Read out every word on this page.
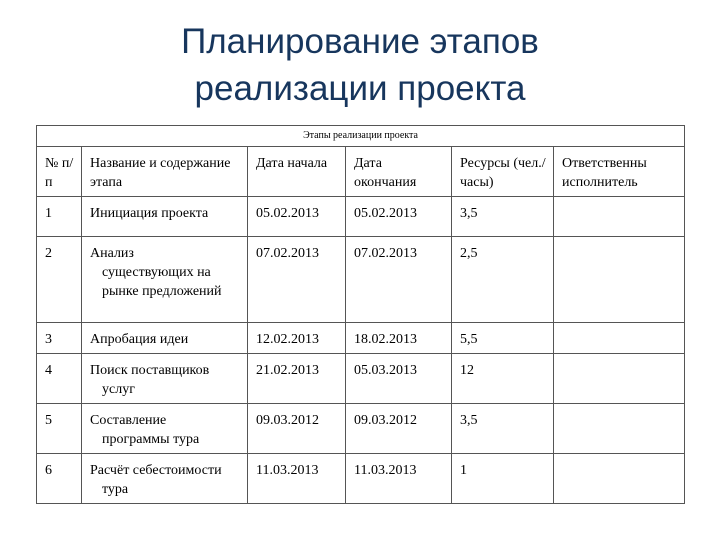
Планирование этапов
реализации проекта
Этапы реализации проекта					
№ п/п	Название и содержание этапа	Дата начала	Дата окончания	Ресурсы (чел./часы)	Ответственны исполнитель
1	Инициация проекта	05.02.2013	05.02.2013	3,5	
2	Анализ
существующих на рынке предложений	07.02.2013	07.02.2013	2,5	
3	Апробация идеи	12.02.2013	18.02.2013	5,5	
4	Поиск поставщиков
услуг	21.02.2013	05.03.2013	12	
5	Составление
программы тура	09.03.2012	09.03.2012	3,5	
6	Расчёт себестоимости
тура	11.03.2013	11.03.2013	1	
